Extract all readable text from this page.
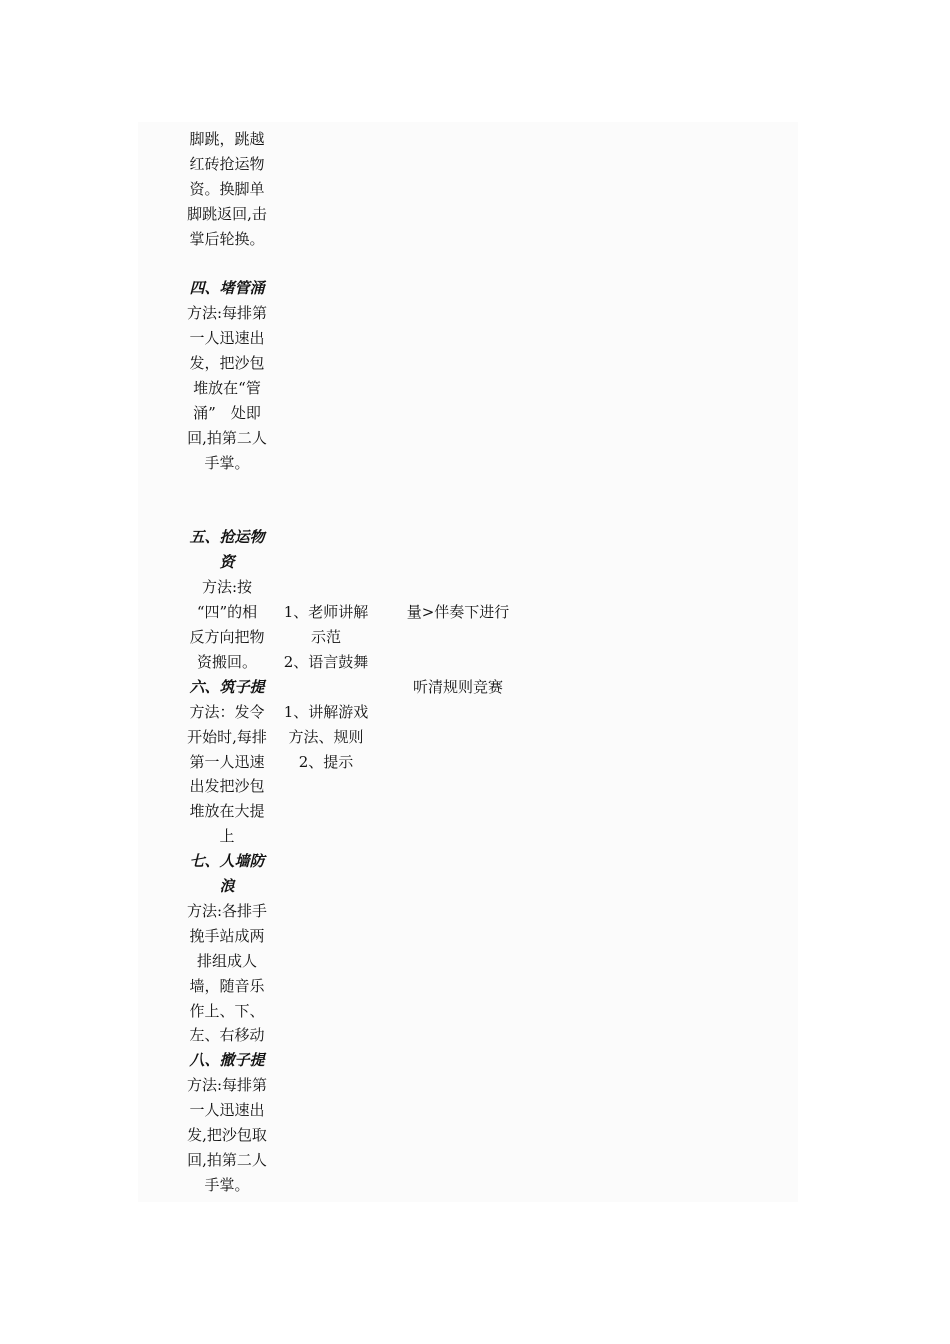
脚跳，跳越
红砖抢运物
资。换脚单
脚跳返回,击
掌后轮换。
四、堵管涌
方法:每排第
一人迅速出
发，把沙包
堆放在“管
涌”　处即
回,拍第二人
手掌。
五、抢运物
资
方法:按
“四”的相
反方向把物
资搬回。
六、筑子提
方法：发令
开始时,每排
第一人迅速
出发把沙包
堆放在大提
上
七、人墙防
浪
方法:各排手
挽手站成两
排组成人
墙，随音乐
作上、下、
左、右移动
八、撤子提
方法:每排第
一人迅速出
发,把沙包取
回,拍第二人
手掌。
1、老师讲解
示范
2、语言鼓舞
1、讲解游戏
方法、规则
2、提示
量>伴奏下进行
听清规则竞赛
